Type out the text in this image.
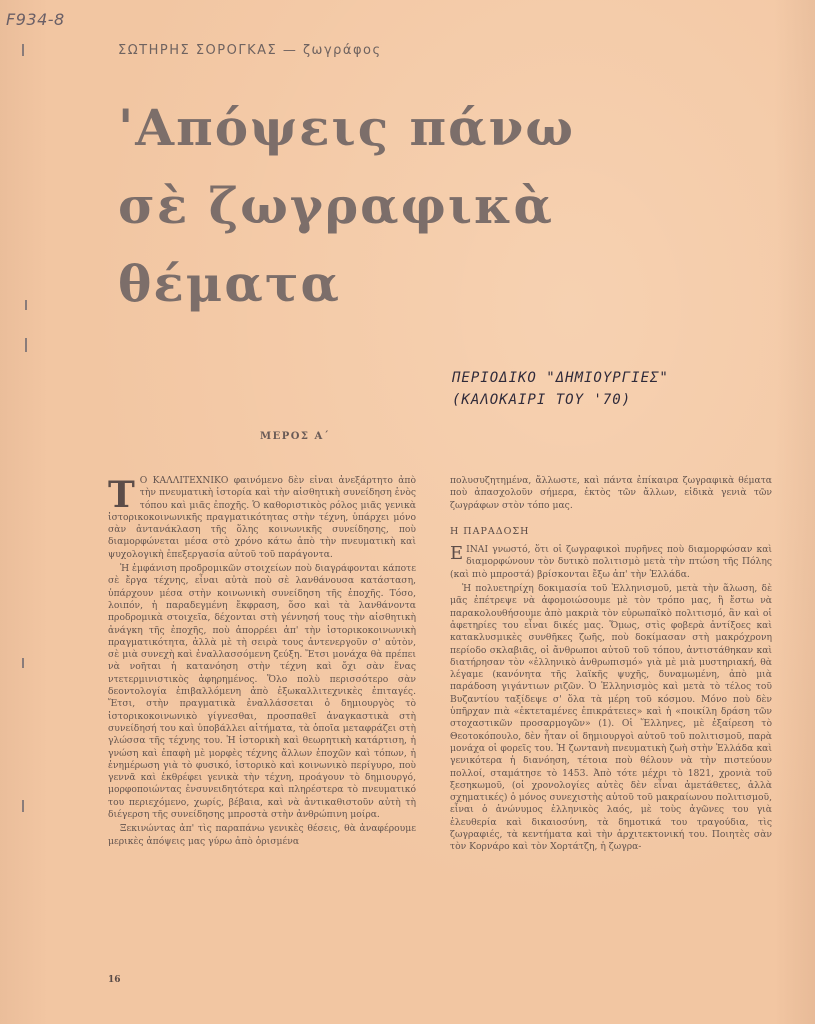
F934-8
ΣΩΤΗΡΗΣ ΣΟΡΟΓΚΑΣ — ζωγράφος
'Απόψεις πάνω
σὲ ζωγραφικὰ
θέματα
ΠΕΡΙΟΔΙΚΟ "ΔΗΜΙΟΥΡΓΙΕΣ"
(ΚΑΛΟΚΑΙΡΙ ΤΟΥ '70)
ΜΕΡΟΣ Α´

Τ Ο ΚΑΛΛΙΤΕΧΝΙΚΟ φαινόμενο δὲν εἶναι ἀνεξάρτητο ἀπὸ τὴν πνευματικὴ ἱστορία καὶ τὴν αἰσθητικὴ συνείδηση ἑνὸς τόπου καὶ μιᾶς ἐποχῆς. Ὁ καθοριστικὸς ρόλος μιᾶς γενικὰ ἱστορικοκοινωνικῆς πραγματικότητας στὴν τέχνη, ὑπάρχει μόνο σὰν ἀντανάκλαση τῆς ὅλης κοινωνικῆς συνείδησης, ποὺ διαμορφώνεται μέσα στὸ χρόνο κάτω ἀπὸ τὴν πνευματικὴ καὶ ψυχολογικὴ ἐπεξεργασία αὐτοῦ τοῦ παράγοντα.

Ἡ ἐμφάνιση προδρομικῶν στοιχείων ποὺ διαγράφονται κάποτε σὲ ἔργα τέχνης, εἶναι αὐτὰ ποὺ σὲ λανθάνουσα κατάσταση, ὑπάρχουν μέσα στὴν κοινωνικὴ συνείδηση τῆς ἐποχῆς. Τόσο, λοιπόν, ἡ παραδεγμένη ἔκφραση, ὅσο καὶ τὰ λανθάνοντα προδρομικὰ στοιχεῖα, δέχονται στὴ γέννησή τους τὴν αἰσθητικὴ ἀνάγκη τῆς ἐποχῆς, ποὺ ἀπορρέει ἀπ' τὴν ἱστορικοκοινωνικὴ πραγματικότητα, ἀλλὰ μὲ τὴ σειρὰ τους ἀντενεργοῦν σ' αὐτὸν, σὲ μιὰ συνεχὴ καὶ ἐναλλασσόμενη ζεύξη. Ἔτσι μονάχα θὰ πρέπει νὰ νοῆται ἡ κατανόηση στὴν τέχνη καὶ ὄχι σὰν ἕνας ντετερμινιστικὸς ἀφηρημένος. Ὅλο πολὺ περισσότερο σὰν δεοντολογία ἐπιβαλλόμενη ἀπὸ ἐξωκαλλιτεχνικὲς ἐπιταγές. Ἔτσι, στὴν πραγματικὰ ἐναλλάσσεται ὁ δημιουργὸς τὸ ἱστορικοκοινωνικὸ γίγνεσθαι, προσπαθεῖ ἀναγκαστικὰ στὴ συνείδησή του καὶ ὑποβάλλει αἰτήματα, τὰ ὁποῖα μεταφράζει στὴ γλώσσα τῆς τέχνης του. Ἡ ἱστορικὴ καὶ θεωρητικὴ κατάρτιση, ἡ γνώση καὶ ἐπαφὴ μὲ μορφὲς τέχνης ἄλλων ἐποχῶν καὶ τόπων, ἡ ἐνημέρωση γιὰ τὸ φυσικό, ἱστορικὸ καὶ κοινωνικὸ περίγυρο, ποὺ γεννᾶ καὶ ἐκθρέφει γενικὰ τὴν τέχνη, προάγουν τὸ δημιουργό, μορφοποιώντας ἐνσυνειδητότερα καὶ πληρέστερα τὸ πνευματικό του περιεχόμενο, χωρίς, βέβαια, καὶ νὰ ἀντικαθιστοῦν αὐτὴ τὴ διέγερση τῆς συνείδησης μπροστὰ στὴν ἀνθρώπινη μοίρα.

Ξεκινώντας ἀπ' τὶς παραπάνω γενικὲς θέσεις, θὰ ἀναφέρουμε μερικὲς ἀπόψεις μας γύρω ἀπὸ ὁρισμένα

πολυσυζητημένα, ἄλλωστε, καὶ πάντα ἐπίκαιρα ζωγραφικὰ θέματα ποὺ ἀπασχολοῦν σήμερα, ἐκτὸς τῶν ἄλλων, εἰδικὰ γενιὰ τῶν ζωγράφων στὸν τόπο μας.

Η ΠΑΡΑΔΟΣΗ

ΕΙΝΑΙ γνωστό, ὅτι οἱ ζωγραφικοὶ πυρῆνες ποὺ διαμορφώσαν καὶ διαμορφώνουν τὸν δυτικὸ πολιτισμὸ μετὰ τὴν πτώση τῆς Πόλης (καὶ πιὸ μπροστά) βρίσκονται ἔξω ἀπ' τὴν Ἑλλάδα.

Ἡ πολυετηρίχη δοκιμασία τοῦ Ἑλληνισμοῦ, μετὰ τὴν ἅλωση, δὲ μᾶς ἐπέτρεψε νὰ ἀφομοιώσουμε μὲ τὸν τρόπο μας, ἢ ἔστω νὰ παρακολουθήσουμε ἀπὸ μακριὰ τὸν εὐρωπαϊκὸ πολιτισμό, ἂν καὶ οἱ ἀφετηρίες του εἶναι δικές μας. Ὅμως, στὶς φοβερὰ ἀντίξοες καὶ κατακλυσμικὲς συνθῆκες ζωῆς, ποὺ δοκίμασαν στὴ μακρόχρονη περίοδο σκλαβιᾶς, οἱ ἄνθρωποι αὐτοῦ τοῦ τόπου, ἀντιστάθηκαν καὶ διατήρησαν τὸν «ἑλληνικὸ ἀνθρωπισμό» γιὰ μὲ μιὰ μυστηριακή, θὰ λέγαμε (κανόνητα τῆς λαϊκῆς ψυχῆς, δυναμωμένη, ἀπὸ μιὰ παράδοση γιγάντιων ριζῶν. Ὁ Ἑλληνισμὸς καὶ μετὰ τὸ τέλος τοῦ Βυζαντίου ταξίδεψε σ' ὅλα τὰ μέρη τοῦ κόσμου. Μόνο ποὺ δὲν ὑπῆρχαν πιὰ «ἐκτεταμένες ἐπικράτειες» καὶ ἡ «ποικίλη δράση τῶν στοχαστικῶν προσαρμογῶν» (1). Οἱ Ἕλληνες, μὲ ἐξαίρεση τὸ Θεοτοκόπουλο, δὲν ἦταν οἱ δημιουργοὶ αὐτοῦ τοῦ πολιτισμοῦ, παρὰ μονάχα οἱ φορεῖς του. Ἡ ζωντανὴ πνευματικὴ ζωὴ στὴν Ἑλλάδα καὶ γενικότερα ἡ διανόηση, τέτοια ποὺ θέλουν νὰ τὴν πιστεύουν πολλοί, σταμάτησε τὸ 1453. Ἀπὸ τότε μέχρι τὸ 1821, χρονιὰ τοῦ ξεσηκωμοῦ, (οἱ χρονολογίες αὐτὲς δὲν εἶναι ἀμετάθετες, ἀλλὰ σχηματικές) ὁ μόνος συνεχιστὴς αὐτοῦ τοῦ μακραίωνου πολιτισμοῦ, εἶναι ὁ ἀνώνυμος ἑλληνικὸς λαός, μὲ τοὺς ἀγῶνες του γιὰ ἐλευθερία καὶ δικαιοσύνη, τὰ δημοτικά του τραγούδια, τὶς ζωγραφιές, τὰ κεντήματα καὶ τὴν ἀρχιτεκτονική του. Ποιητὲς σὰν τὸν Κορνάρο καὶ τὸν Χορτάτζη, ἡ ζωγρα-

16
